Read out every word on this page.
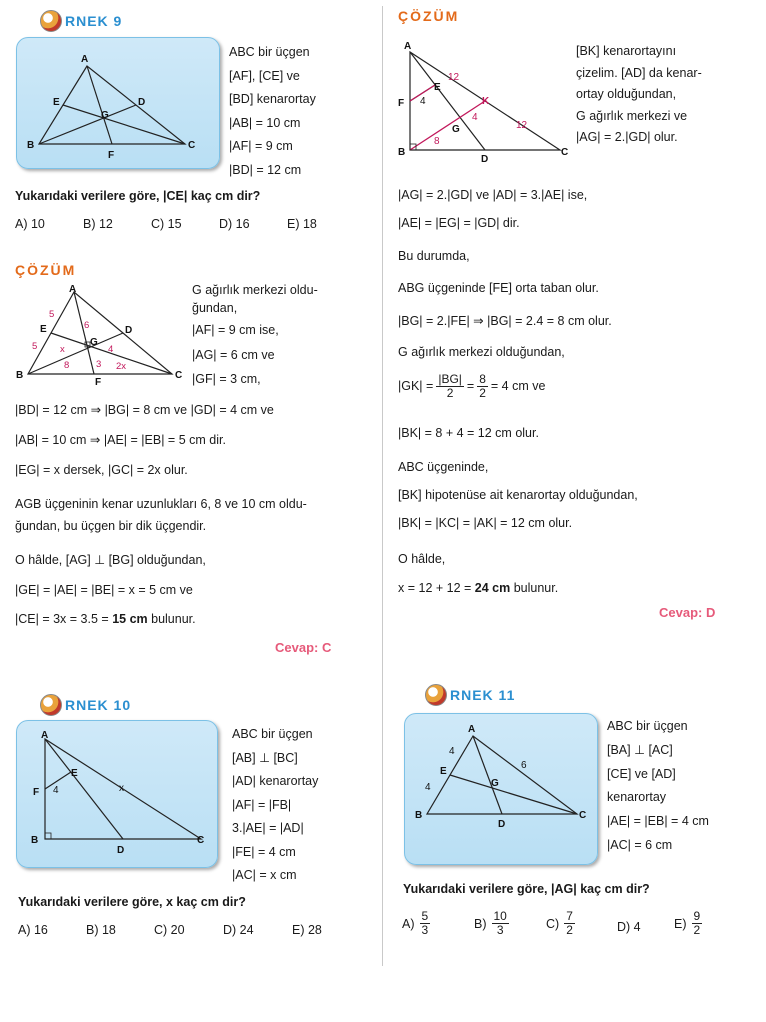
RNEK 9
A
B	C
D
E
F
G
ABC bir üçgen
[AF], [CE] ve
[BD] kenarortay
|AB| = 10 cm
|AF| = 9 cm
|BD| = 12 cm
Yukarıdaki verilere göre, |CE| kaç cm dir?
A) 10	B) 12	C) 15	D) 16	E) 18
ÇÖZÜM
A
B	C
D
E
F
G
5
5
6
x	4
8	3 2x
G ağırlık merkezi oldu-
ğundan,
|AF| = 9 cm ise,
|AG| = 6 cm ve
|GF| = 3 cm,
|BD| = 12 cm ⇒ |BG| = 8 cm ve |GD| = 4 cm ve
|AB| = 10 cm ⇒ |AE| = |EB| = 5 cm dir.
|EG| = x dersek, |GC| = 2x olur.
AGB üçgeninin kenar uzunlukları 6, 8 ve 10 cm oldu-
ğundan, bu üçgen bir dik üçgendir.
O hâlde, [AG] ⊥ [BG] olduğundan,
|GE| = |AE| = |BE| = x = 5 cm ve
|CE| = 3x = 3.5 = 15 cm bulunur.
Cevap: C
ÇÖZÜM
A
B	C
D
E
F
G
K
12
4
12
8
4
[BK] kenarortayını
çizelim. [AD] da kenar-
ortay olduğundan,
G ağırlık merkezi ve
|AG| = 2.|GD| olur.
|AG| = 2.|GD| ve |AD| = 3.|AE| ise,
|AE| = |EG| = |GD| dir.
Bu durumda,
ABG üçgeninde [FE] orta taban olur.
|BG| = 2.|FE| ⇒ |BG| = 2.4 = 8 cm olur.
G ağırlık merkezi olduğundan,
$|GK| = \frac{|BG|}{2} = \frac{8}{2} = 4$ cm ve
|BK| = 8 + 4 = 12 cm olur.
ABC üçgeninde,
[BK] hipotenüse ait kenarortay olduğundan,
|BK| = |KC| = |AK| = 12 cm olur.
O hâlde,
x = 12 + 12 = 24 cm bulunur.
Cevap: D
RNEK 10
A
B	C
D
E
F 4	x
ABC bir üçgen
[AB] ⊥ [BC]
|AD| kenarortay
|AF| = |FB|
3.|AE| = |AD|
|FE| = 4 cm
|AC| = x cm
Yukarıdaki verilere göre, x kaç cm dir?
A) 16	B) 18	C) 20	D) 24	E) 28
RNEK 11
A
B	C
D
E
G
4
4
6
ABC bir üçgen
[BA] ⊥ [AC]
[CE] ve [AD]
kenarortay
|AE| = |EB| = 4 cm
|AC| = 6 cm
Yukarıdaki verilere göre, |AG| kaç cm dir?
$A) \frac{5}{3}$	$B) \frac{10}{3}$	$C) \frac{7}{2}$	D) 4	$E) \frac{9}{2}$
